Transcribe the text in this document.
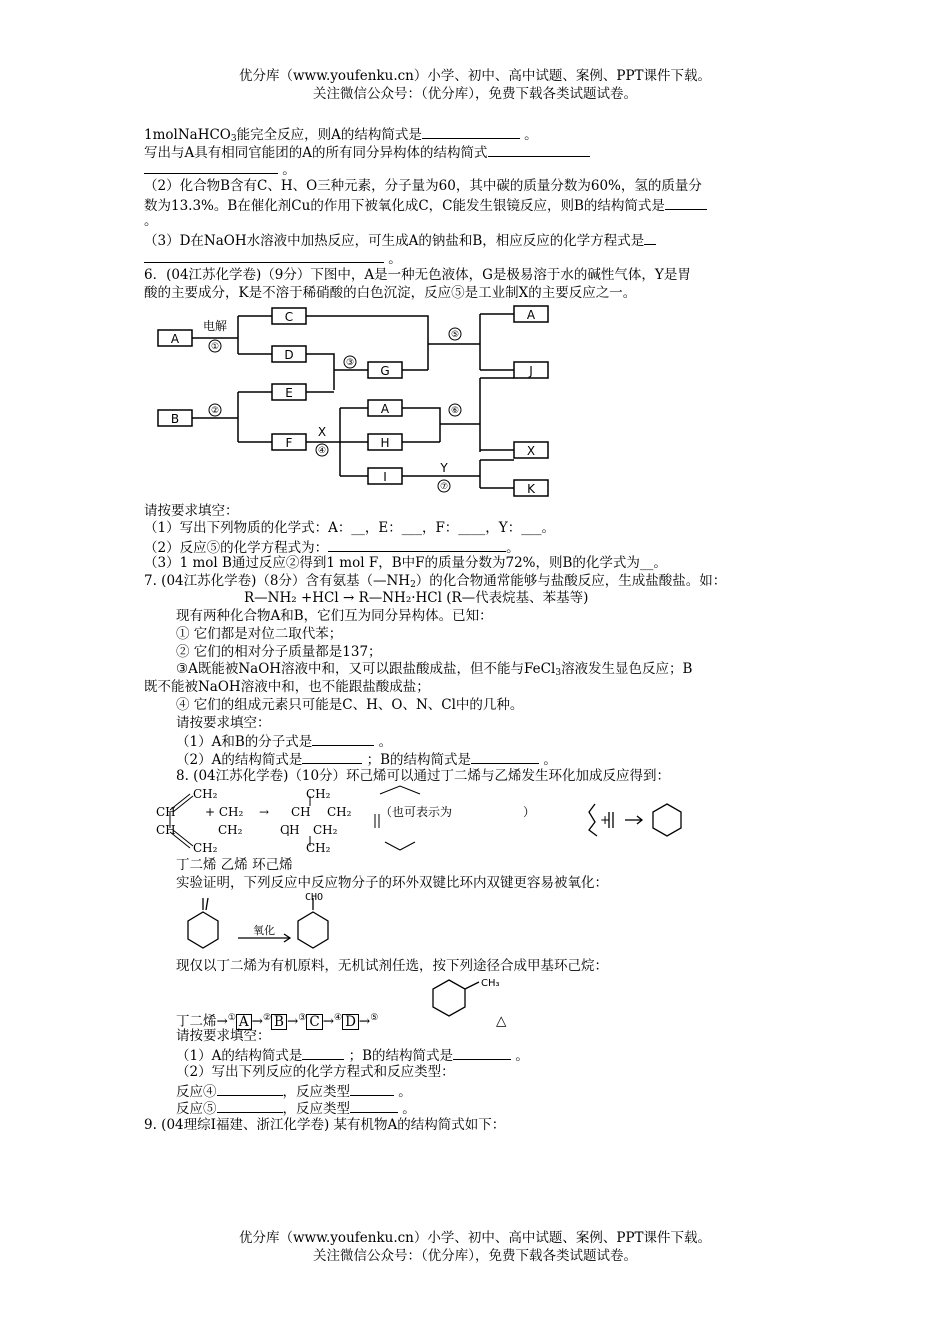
优分库（www.youfenku.cn）小学、初中、高中试题、案例、PPT课件下载。
关注微信公众号：（优分库），免费下载各类试题试卷。
1molNaHCO$_3$能完全反应，则A的结构简式是	。
写出与A具有相同官能团的A的所有同分异构体的结构简式
。
（2）化合物B含有C、H、O三种元素，分子量为60，其中碳的质量分数为60%，氢的质量分
数为13.3%。B在催化剂Cu的作用下被氧化成C，C能发生银镜反应，则B的结构简式是
。
（3）D在NaOH水溶液中加热反应，可生成A的钠盐和B，相应反应的化学方程式是
。
6．(04江苏化学卷)（9分）下图中，A是一种无色液体，G是极易溶于水的碱性气体，Y是胃
酸的主要成分，K是不溶于稀硝酸的白色沉淀，反应⑤是工业制X的主要反应之一。
A
C
D
G
A
J
B
E
F
A
H
I
X
K
电解
X
Y
①
②
③
④
⑤
⑥
⑦
请按要求填空：
（1）写出下列物质的化学式：A：__，E：___，F：____，Y：___。
（2）反应⑤的化学方程式为：	。
（3）1 mol B通过反应②得到1 mol F，B中F的质量分数为72%，则B的化学式为__。
7. (04江苏化学卷)（8分）含有氨基$(—NH_2)$的化合物通常能够与盐酸反应，生成盐酸盐。如：
R—NH₂ +HCl → R—NH₂·HCl (R—代表烷基、苯基等)
现有两种化合物A和B，它们互为同分异构体。已知：
① 它们都是对位二取代苯；
② 它们的相对分子质量都是137；
③A既能被NaOH溶液中和，又可以跟盐酸成盐，但不能与FeCl$_3$溶液发生显色反应；B
既不能被NaOH溶液中和，也不能跟盐酸成盐；
④ 它们的组成元素只可能是C、H、O、N、Cl中的几种。
请按要求填空：
（1）A和B的分子式是	。
（2）A的结构简式是	；B的结构简式是	。
8. (04江苏化学卷)（10分）环己烯可以通过丁二烯与乙烯发生环化加成反应得到：
CH₂	CH₂
CH + CH₂ → CH CH₂ （也可表示为	）
CH	CH₂	CH CH₂
CH₂	CH₂
+
丁二烯 乙烯 环己烯
实验证明，下列反应中反应物分子的环外双键比环内双键更容易被氧化：
CHO
氧化
现仅以丁二烯为有机原料，无机试剂任选，按下列途径合成甲基环己烷：
CH₃
丁二烯→① A →② B →③ C →④ D →⑤	△
请按要求填空：
（1）A的结构简式是	；B的结构简式是	。
（2）写出下列反应的化学方程式和反应类型：
反应④	，反应类型	。
反应⑤	，反应类型	。
9. (04理综Ⅰ福建、浙江化学卷) 某有机物A的结构简式如下：
优分库（www.youfenku.cn）小学、初中、高中试题、案例、PPT课件下载。
关注微信公众号：（优分库），免费下载各类试题试卷。
